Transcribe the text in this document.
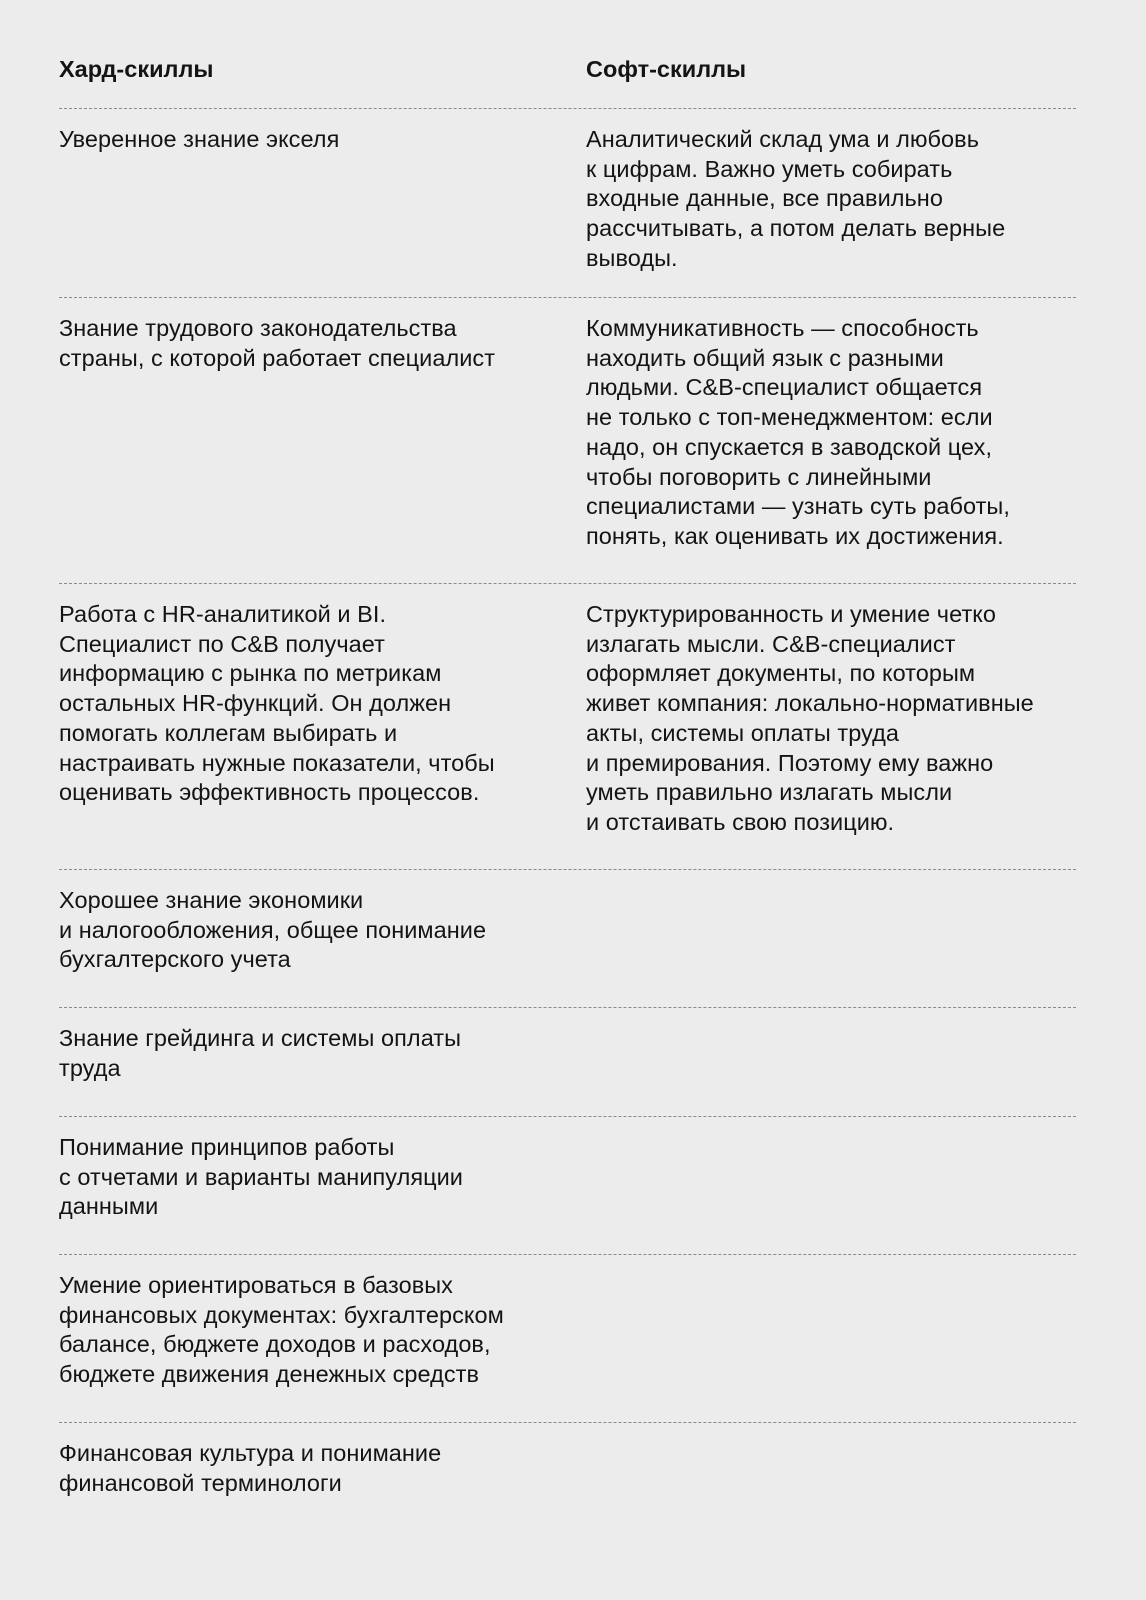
Хард-скиллы	Софт-скиллы
Уверенное знание экселя	Аналитический склад ума и любовь
к цифрам. Важно уметь собирать
входные данные, все правильно
рассчитывать, а потом делать верные
выводы.
Знание трудового законодательства
страны, с которой работает специалист
Коммуникативность — способность
находить общий язык с разными
людьми. C&B-специалист общается
не только с топ-менеджментом: если
надо, он спускается в заводской цех,
чтобы поговорить с линейными
специалистами — узнать суть работы,
понять, как оценивать их достижения.
Работа с HR-аналитикой и BI.
Специалист по C&B получает
информацию с рынка по метрикам
остальных HR-функций. Он должен
помогать коллегам выбирать и
настраивать нужные показатели, чтобы
оценивать эффективность процессов.
Структурированность и умение четко
излагать мысли. C&B-специалист
оформляет документы, по которым
живет компания: локально-нормативные
акты, системы оплаты труда
и премирования. Поэтому ему важно
уметь правильно излагать мысли
и отстаивать свою позицию.
Хорошее знание экономики
и налогообложения, общее понимание
бухгалтерского учета
Знание грейдинга и системы оплаты
труда
Понимание принципов работы
с отчетами и варианты манипуляции
данными
Умение ориентироваться в базовых
финансовых документах: бухгалтерском
балансе, бюджете доходов и расходов,
бюджете движения денежных средств
Финансовая культура и понимание
финансовой терминологи
